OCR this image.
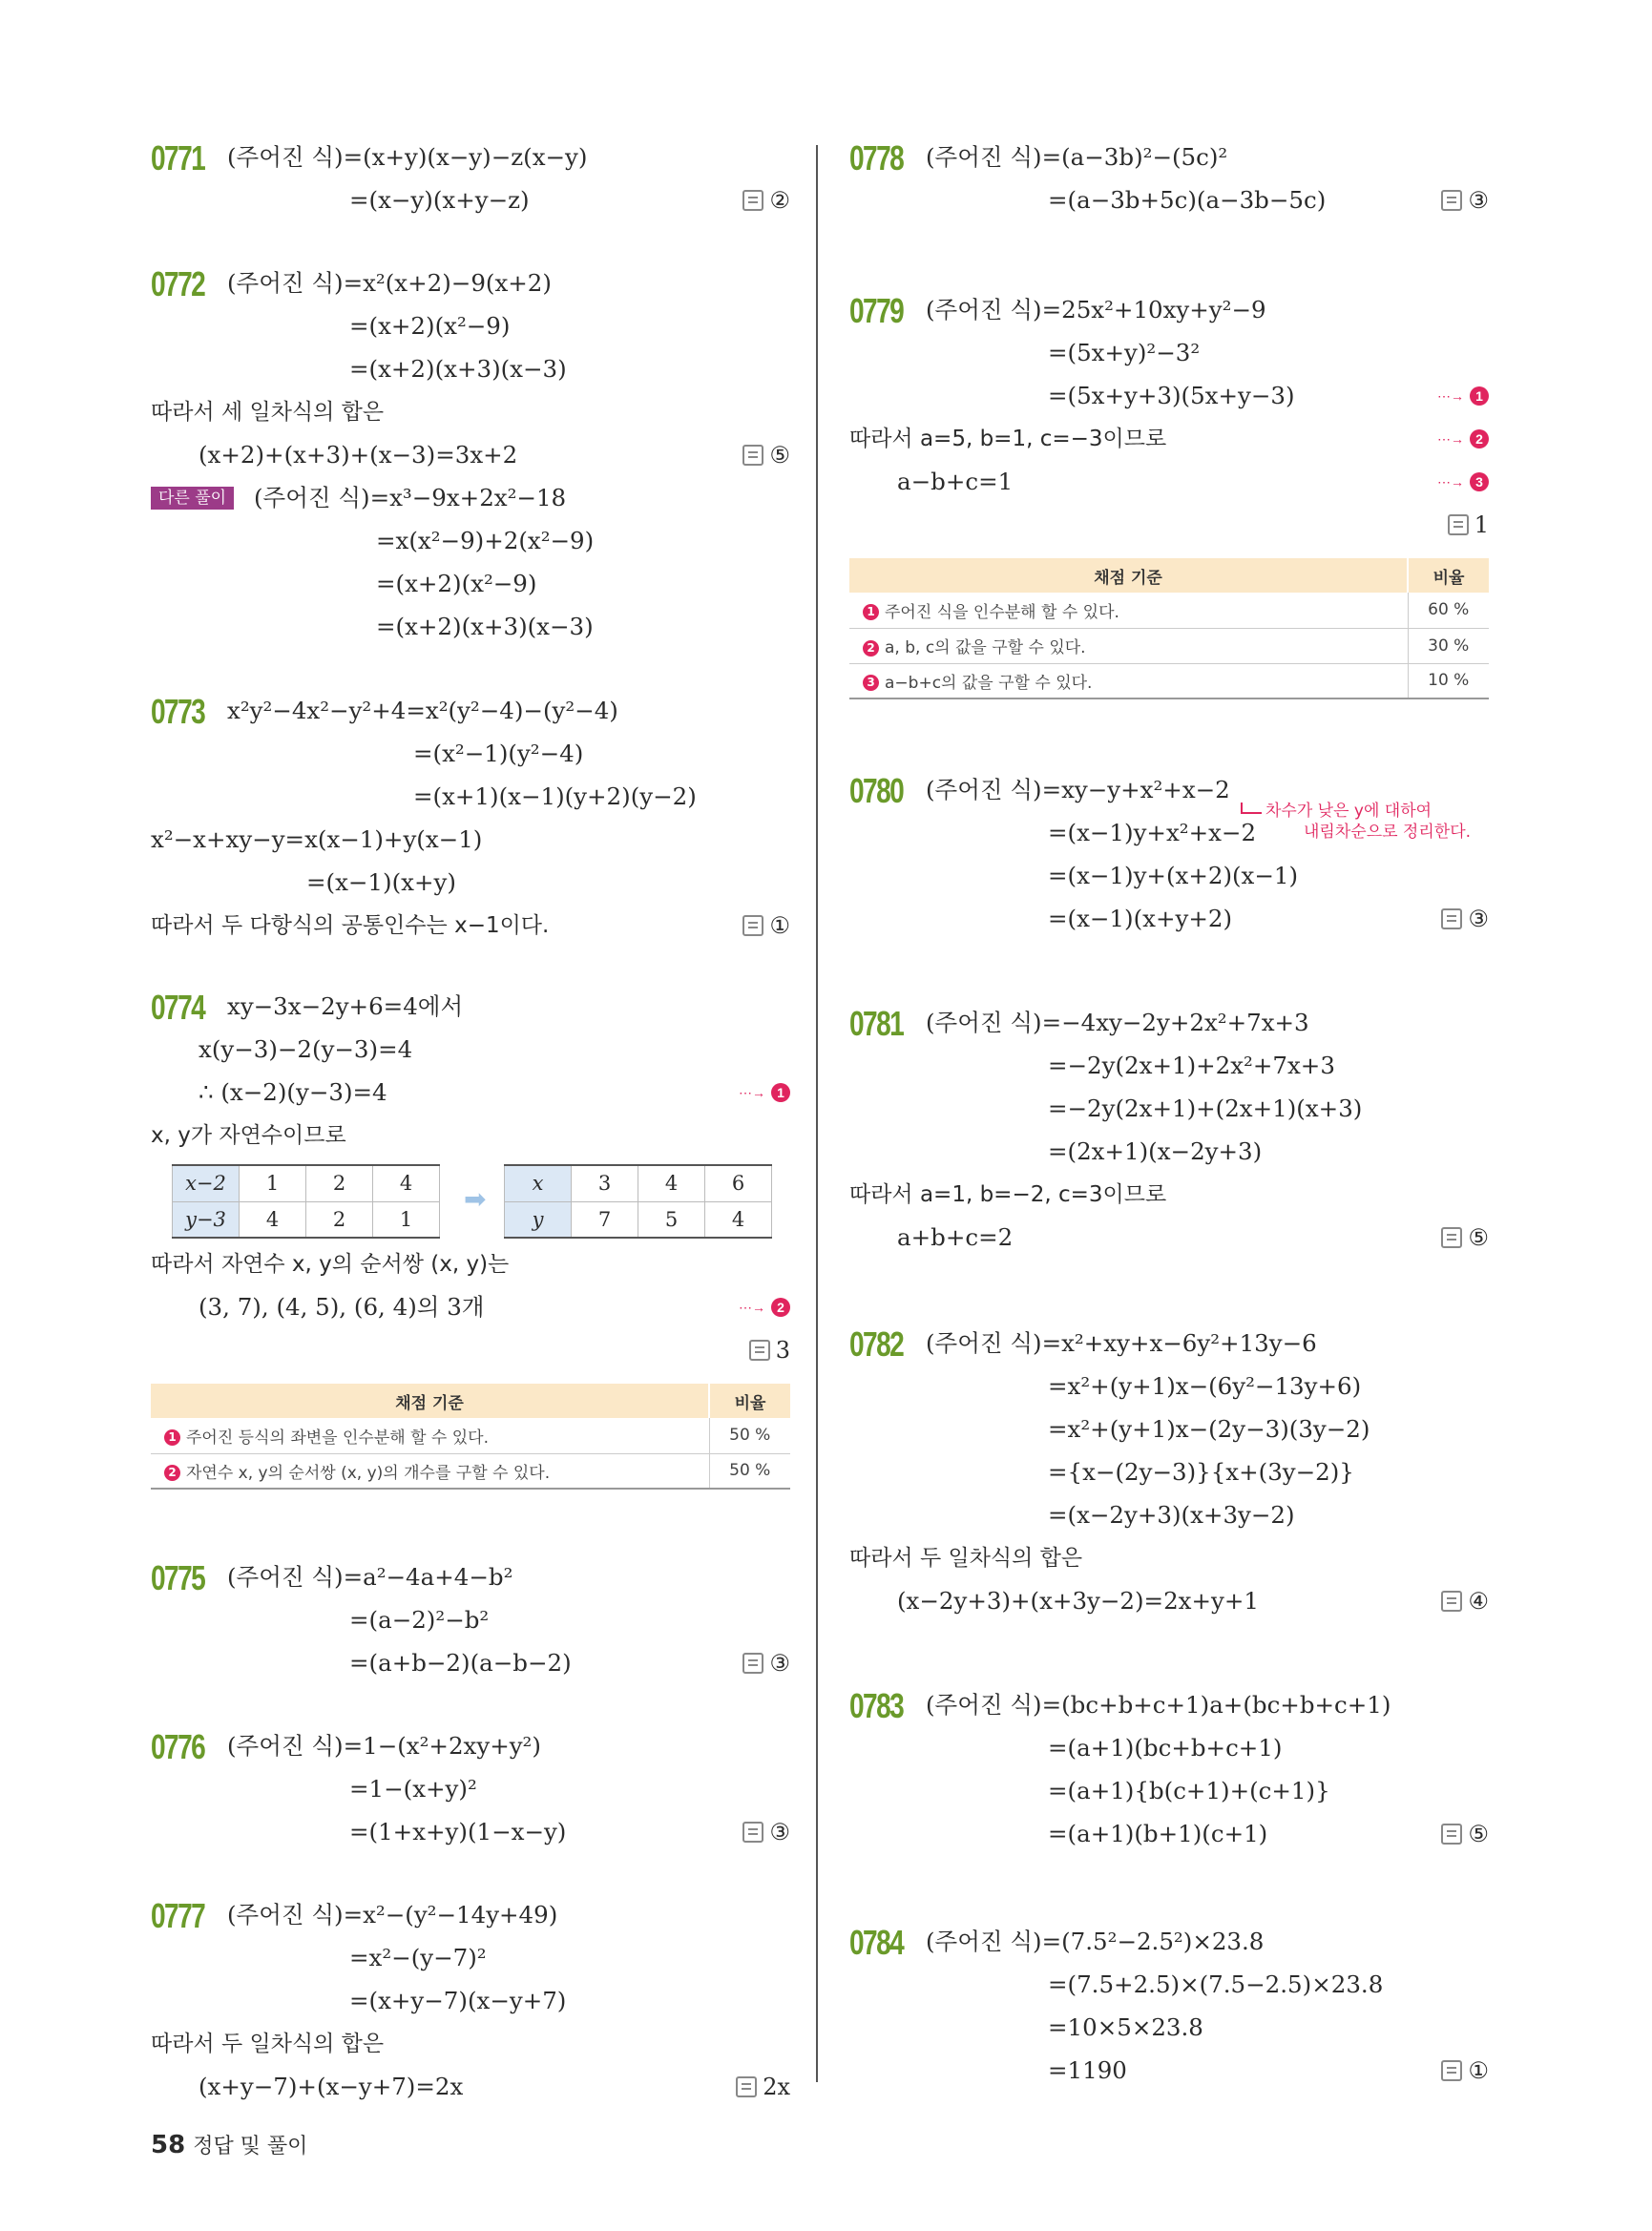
0771 (주어진 식)=(x+y)(x−y)−z(x−y)
=(x−y)(x+y−z)	②
0772 (주어진 식)=x²(x+2)−9(x+2)
=(x+2)(x²−9)
=(x+2)(x+3)(x−3)
따라서 세 일차식의 합은
(x+2)+(x+3)+(x−3)=3x+2	⑤
다른 풀이	(주어진 식)=x³−9x+2x²−18
=x(x²−9)+2(x²−9)
=(x+2)(x²−9)
=(x+2)(x+3)(x−3)
0773 x²y²−4x²−y²+4=x²(y²−4)−(y²−4)
=(x²−1)(y²−4)
=(x+1)(x−1)(y+2)(y−2)
x²−x+xy−y=x(x−1)+y(x−1)
=(x−1)(x+y)
따라서 두 다항식의 공통인수는 x−1이다.	①
0774 xy−3x−2y+6=4에서
x(y−3)−2(y−3)=4
∴ (x−2)(y−3)=4	⋯→ 1
x, y가 자연수이므로
x−2	1	2	4
y−3	4	2	1
➡ x	3	4	6
y	7	5	4
따라서 자연수 x, y의 순서쌍 (x, y)는
(3, 7), (4, 5), (6, 4)의 3개	⋯→ 2
3
채점 기준	비율
1 주어진 등식의 좌변을 인수분해 할 수 있다.	50 %
2 자연수 x, y의 순서쌍 (x, y)의 개수를 구할 수 있다.	50 %
0775 (주어진 식)=a²−4a+4−b²
=(a−2)²−b²
=(a+b−2)(a−b−2)	③
0776 (주어진 식)=1−(x²+2xy+y²)
=1−(x+y)²
=(1+x+y)(1−x−y)	③
0777 (주어진 식)=x²−(y²−14y+49)
=x²−(y−7)²
=(x+y−7)(x−y+7)
따라서 두 일차식의 합은
(x+y−7)+(x−y+7)=2x	2x
0778 (주어진 식)=(a−3b)²−(5c)²
=(a−3b+5c)(a−3b−5c)	③
0779 (주어진 식)=25x²+10xy+y²−9
=(5x+y)²−3²
=(5x+y+3)(5x+y−3)	⋯→ 1
따라서 a=5, b=1, c=−3이므로	⋯→ 2
a−b+c=1	⋯→ 3
1
채점 기준	비율
1 주어진 식을 인수분해 할 수 있다.	60 %
2 a, b, c의 값을 구할 수 있다.	30 %
3 a−b+c의 값을 구할 수 있다.	10 %
0780 (주어진 식)=xy−y+x²+x−2
=(x−1)y+x²+x−2
=(x−1)y+(x+2)(x−1)
=(x−1)(x+y+2)
차수가 낮은 y에 대하여
내림차순으로 정리한다.
③
0781 (주어진 식)=−4xy−2y+2x²+7x+3
=−2y(2x+1)+2x²+7x+3
=−2y(2x+1)+(2x+1)(x+3)
=(2x+1)(x−2y+3)
따라서 a=1, b=−2, c=3이므로
a+b+c=2	⑤
0782 (주어진 식)=x²+xy+x−6y²+13y−6
=x²+(y+1)x−(6y²−13y+6)
=x²+(y+1)x−(2y−3)(3y−2)
={x−(2y−3)}{x+(3y−2)}
=(x−2y+3)(x+3y−2)
따라서 두 일차식의 합은
(x−2y+3)+(x+3y−2)=2x+y+1	④
0783 (주어진 식)=(bc+b+c+1)a+(bc+b+c+1)
=(a+1)(bc+b+c+1)
=(a+1){b(c+1)+(c+1)}
=(a+1)(b+1)(c+1)	⑤
0784 (주어진 식)=(7.5²−2.5²)×23.8
=(7.5+2.5)×(7.5−2.5)×23.8
=10×5×23.8
=1190	①
58 정답 및 풀이
